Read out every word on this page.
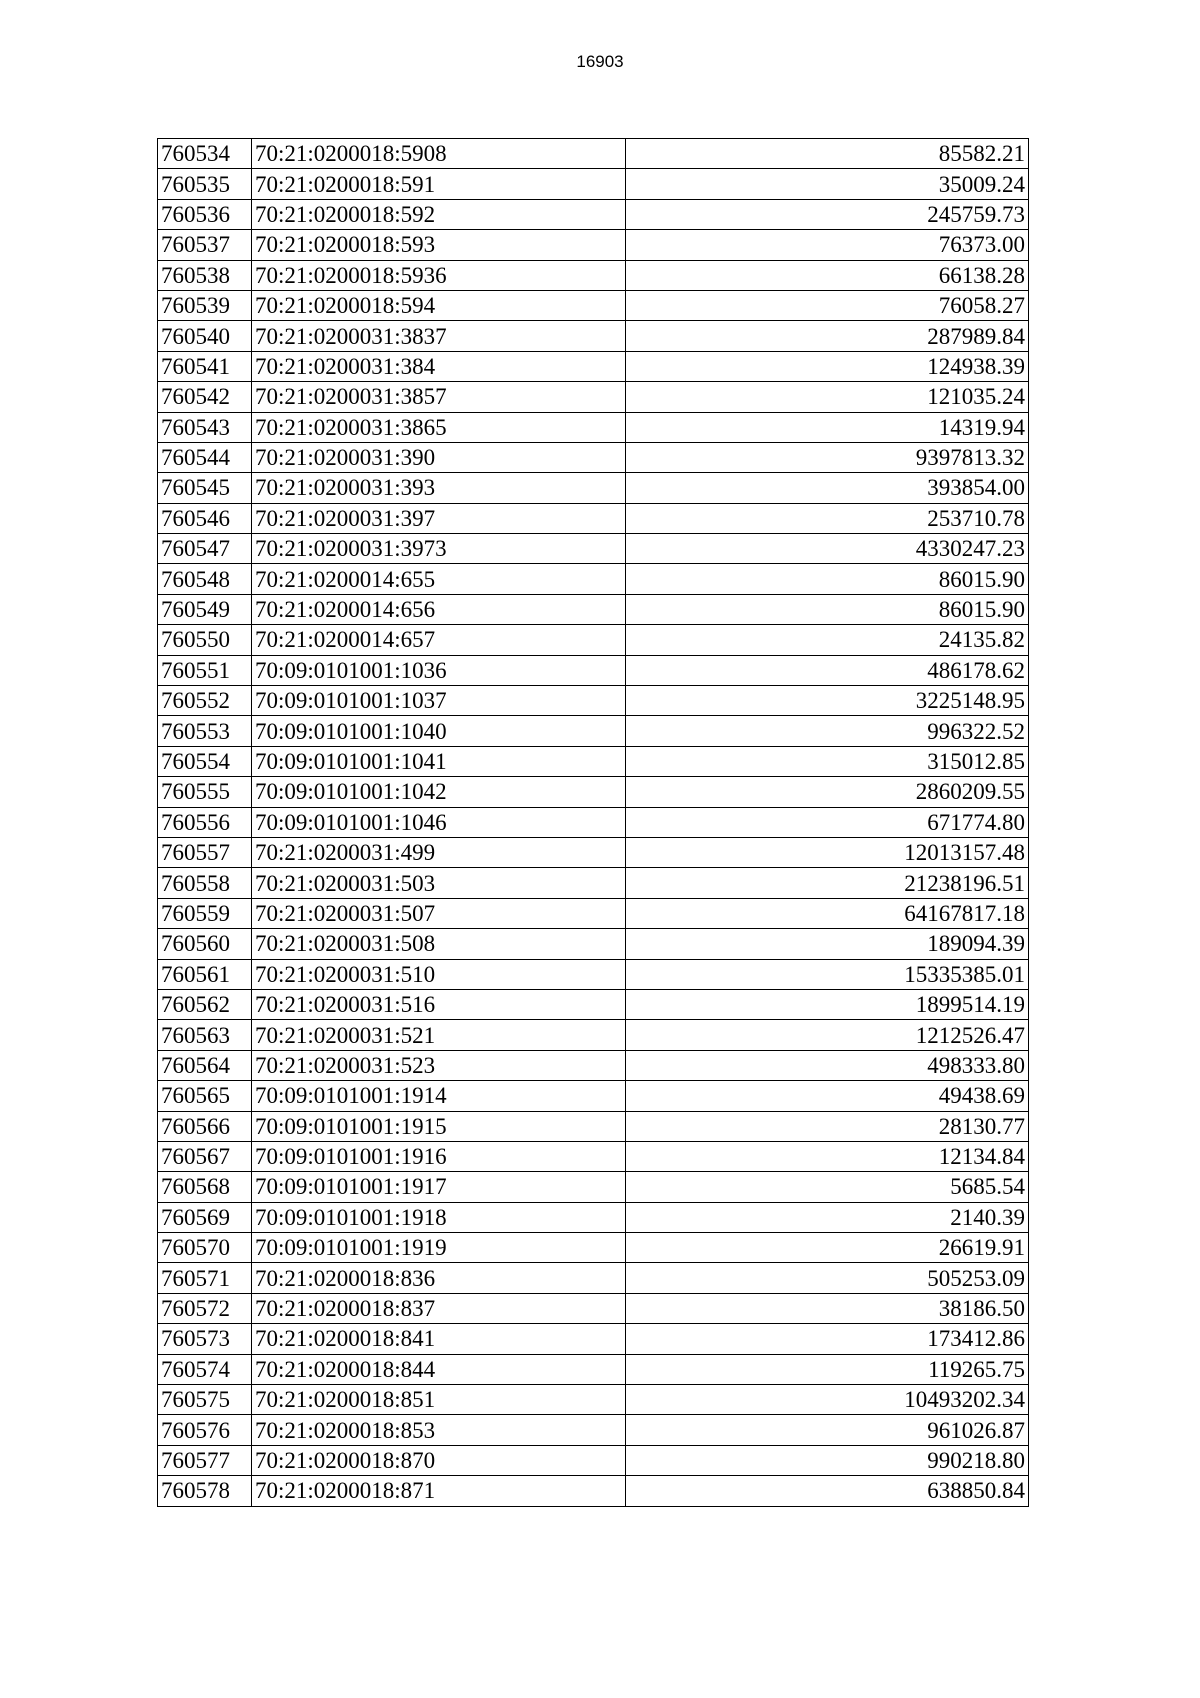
16903
760534	70:21:0200018:5908	85582.21
760535	70:21:0200018:591	35009.24
760536	70:21:0200018:592	245759.73
760537	70:21:0200018:593	76373.00
760538	70:21:0200018:5936	66138.28
760539	70:21:0200018:594	76058.27
760540	70:21:0200031:3837	287989.84
760541	70:21:0200031:384	124938.39
760542	70:21:0200031:3857	121035.24
760543	70:21:0200031:3865	14319.94
760544	70:21:0200031:390	9397813.32
760545	70:21:0200031:393	393854.00
760546	70:21:0200031:397	253710.78
760547	70:21:0200031:3973	4330247.23
760548	70:21:0200014:655	86015.90
760549	70:21:0200014:656	86015.90
760550	70:21:0200014:657	24135.82
760551	70:09:0101001:1036	486178.62
760552	70:09:0101001:1037	3225148.95
760553	70:09:0101001:1040	996322.52
760554	70:09:0101001:1041	315012.85
760555	70:09:0101001:1042	2860209.55
760556	70:09:0101001:1046	671774.80
760557	70:21:0200031:499	12013157.48
760558	70:21:0200031:503	21238196.51
760559	70:21:0200031:507	64167817.18
760560	70:21:0200031:508	189094.39
760561	70:21:0200031:510	15335385.01
760562	70:21:0200031:516	1899514.19
760563	70:21:0200031:521	1212526.47
760564	70:21:0200031:523	498333.80
760565	70:09:0101001:1914	49438.69
760566	70:09:0101001:1915	28130.77
760567	70:09:0101001:1916	12134.84
760568	70:09:0101001:1917	5685.54
760569	70:09:0101001:1918	2140.39
760570	70:09:0101001:1919	26619.91
760571	70:21:0200018:836	505253.09
760572	70:21:0200018:837	38186.50
760573	70:21:0200018:841	173412.86
760574	70:21:0200018:844	119265.75
760575	70:21:0200018:851	10493202.34
760576	70:21:0200018:853	961026.87
760577	70:21:0200018:870	990218.80
760578	70:21:0200018:871	638850.84
